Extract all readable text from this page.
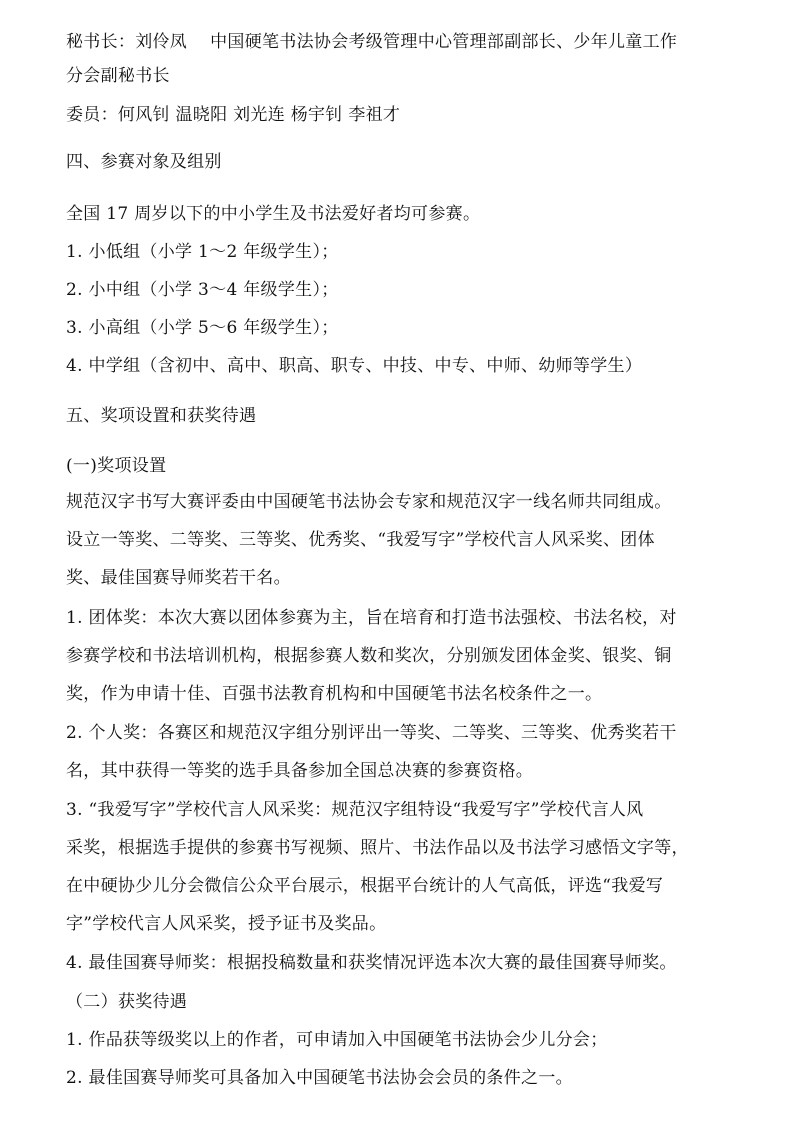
秘书长：刘伶凤　 中国硬笔书法协会考级管理中心管理部副部长、少年儿童工作
分会副秘书长
委员：何风钊 温晓阳 刘光连 杨宇钊 李祖才
四、参赛对象及组别
全国 17 周岁以下的中小学生及书法爱好者均可参赛。
1. 小低组（小学 1～2 年级学生）；
2. 小中组（小学 3～4 年级学生）；
3. 小高组（小学 5～6 年级学生）；
4. 中学组（含初中、高中、职高、职专、中技、中专、中师、幼师等学生）
五、奖项设置和获奖待遇
(一)奖项设置
规范汉字书写大赛评委由中国硬笔书法协会专家和规范汉字一线名师共同组成。
设立一等奖、二等奖、三等奖、优秀奖、“我爱写字”学校代言人风采奖、团体
奖、最佳国赛导师奖若干名。
1. 团体奖：本次大赛以团体参赛为主，旨在培育和打造书法强校、书法名校，对
参赛学校和书法培训机构，根据参赛人数和奖次，分别颁发团体金奖、银奖、铜
奖，作为申请十佳、百强书法教育机构和中国硬笔书法名校条件之一。
2. 个人奖：各赛区和规范汉字组分别评出一等奖、二等奖、三等奖、优秀奖若干
名，其中获得一等奖的选手具备参加全国总决赛的参赛资格。
3. “我爱写字”学校代言人风采奖：规范汉字组特设“我爱写字”学校代言人风
采奖，根据选手提供的参赛书写视频、照片、书法作品以及书法学习感悟文字等，
在中硬协少儿分会微信公众平台展示，根据平台统计的人气高低，评选“我爱写
字”学校代言人风采奖，授予证书及奖品。
4. 最佳国赛导师奖：根据投稿数量和获奖情况评选本次大赛的最佳国赛导师奖。
（二）获奖待遇
1. 作品获等级奖以上的作者，可申请加入中国硬笔书法协会少儿分会；
2. 最佳国赛导师奖可具备加入中国硬笔书法协会会员的条件之一。
